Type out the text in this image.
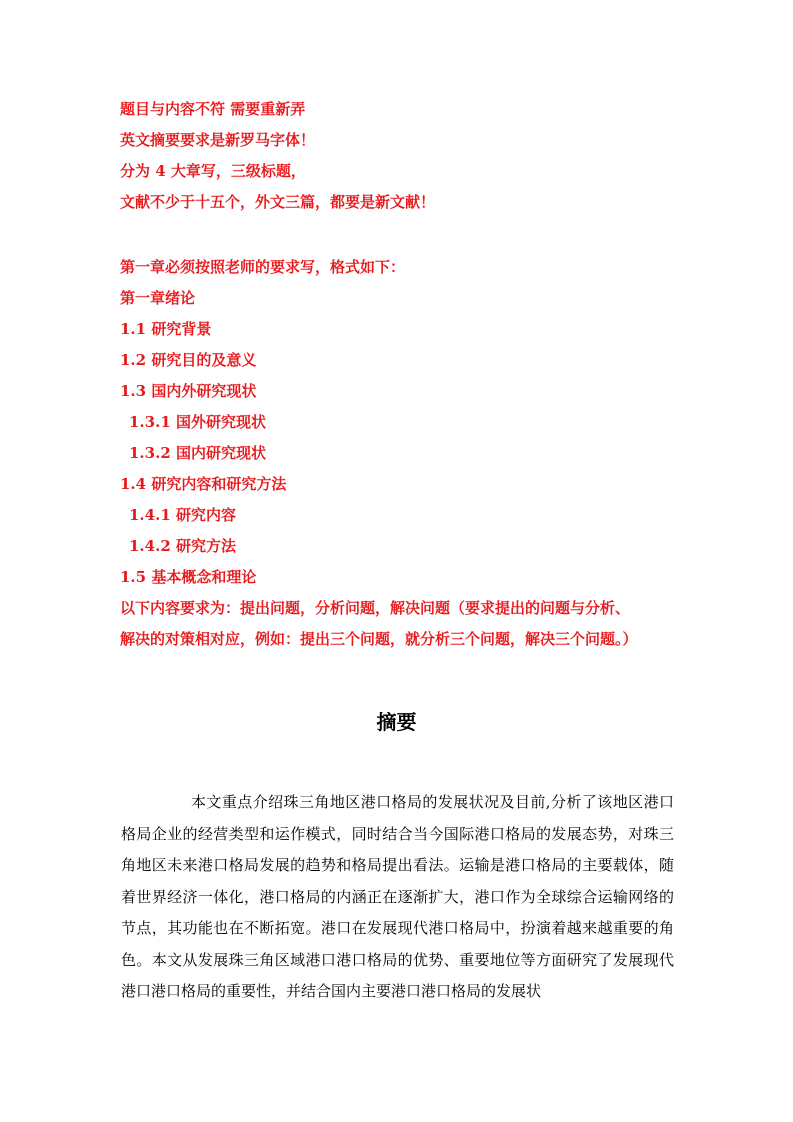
题目与内容不符 需要重新弄
英文摘要要求是新罗马字体！
分为 4 大章写，三级标题，
文献不少于十五个，外文三篇，都要是新文献！
第一章必须按照老师的要求写，格式如下：
第一章绪论
1.1 研究背景
1.2 研究目的及意义
1.3 国内外研究现状
1.3.1 国外研究现状
1.3.2 国内研究现状
1.4 研究内容和研究方法
1.4.1 研究内容
1.4.2 研究方法
1.5 基本概念和理论
以下内容要求为：提出问题，分析问题，解决问题（要求提出的问题与分析、
解决的对策相对应，例如：提出三个问题，就分析三个问题，解决三个问题。）
摘要
本文重点介绍珠三角地区港口格局的发展状况及目前,分析了该地区港口格局企业的经营类型和运作模式，同时结合当今国际港口格局的发展态势，对珠三角地区未来港口格局发展的趋势和格局提出看法。运输是港口格局的主要载体，随着世界经济一体化，港口格局的内涵正在逐渐扩大，港口作为全球综合运输网络的节点，其功能也在不断拓宽。港口在发展现代港口格局中，扮演着越来越重要的角色。本文从发展珠三角区域港口港口格局的优势、重要地位等方面研究了发展现代港口港口格局的重要性，并结合国内主要港口港口格局的发展状
